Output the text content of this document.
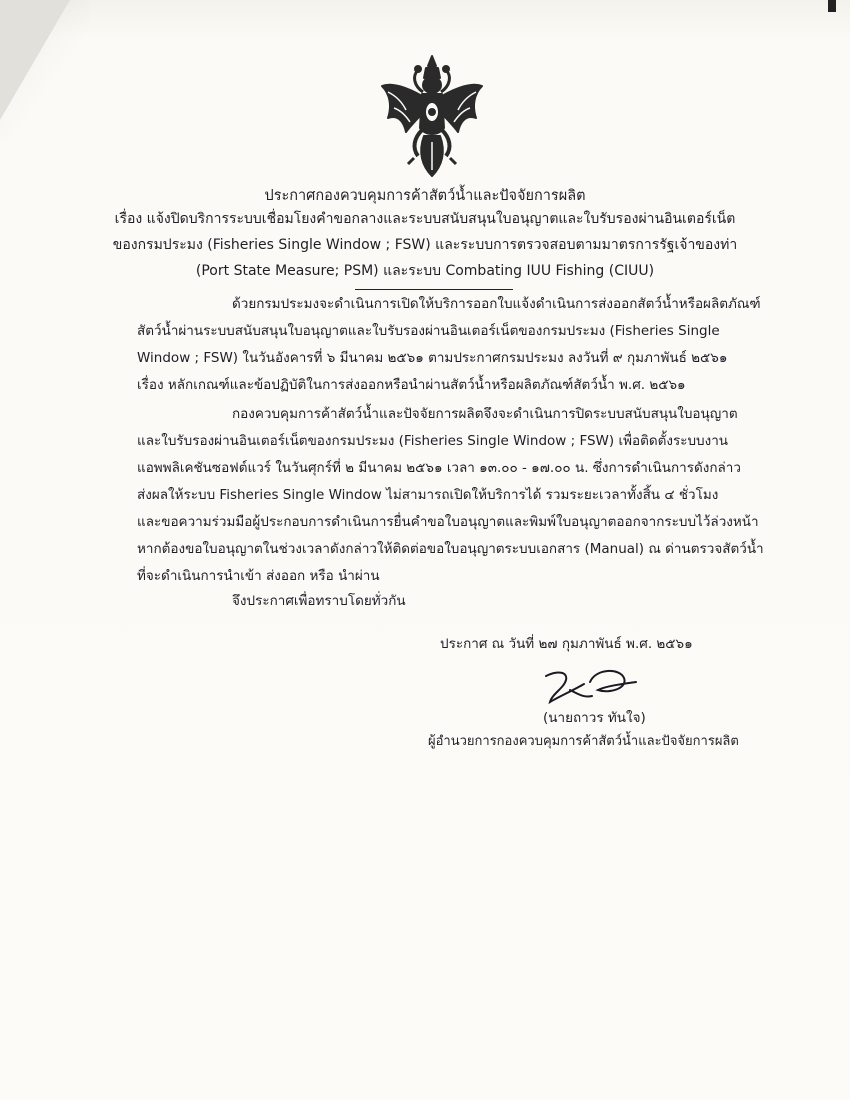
ประกาศกองควบคุมการค้าสัตว์น้ำและปัจจัยการผลิต
เรื่อง แจ้งปิดบริการระบบเชื่อมโยงคำขอกลางและระบบสนับสนุนใบอนุญาตและใบรับรองผ่านอินเตอร์เน็ต
ของกรมประมง (Fisheries Single Window ; FSW) และระบบการตรวจสอบตามมาตรการรัฐเจ้าของท่า
(Port State Measure; PSM) และระบบ Combating IUU Fishing (CIUU)
ด้วยกรมประมงจะดำเนินการเปิดให้บริการออกใบแจ้งดำเนินการส่งออกสัตว์น้ำหรือผลิตภัณฑ์
สัตว์น้ำผ่านระบบสนับสนุนใบอนุญาตและใบรับรองผ่านอินเตอร์เน็ตของกรมประมง (Fisheries Single
Window ; FSW) ในวันอังคารที่ ๖ มีนาคม ๒๕๖๑ ตามประกาศกรมประมง ลงวันที่ ๙ กุมภาพันธ์ ๒๕๖๑
เรื่อง หลักเกณฑ์และข้อปฏิบัติในการส่งออกหรือนำผ่านสัตว์น้ำหรือผลิตภัณฑ์สัตว์น้ำ พ.ศ. ๒๕๖๑
กองควบคุมการค้าสัตว์น้ำและปัจจัยการผลิตจึงจะดำเนินการปิดระบบสนับสนุนใบอนุญาต
และใบรับรองผ่านอินเตอร์เน็ตของกรมประมง (Fisheries Single Window ; FSW) เพื่อติดตั้งระบบงาน
แอพพลิเคชันซอฟต์แวร์ ในวันศุกร์ที่ ๒ มีนาคม ๒๕๖๑ เวลา ๑๓.๐๐ - ๑๗.๐๐ น. ซึ่งการดำเนินการดังกล่าว
ส่งผลให้ระบบ Fisheries Single Window ไม่สามารถเปิดให้บริการได้ รวมระยะเวลาทั้งสิ้น ๔ ชั่วโมง
และขอความร่วมมือผู้ประกอบการดำเนินการยื่นคำขอใบอนุญาตและพิมพ์ใบอนุญาตออกจากระบบไว้ล่วงหน้า
หากต้องขอใบอนุญาตในช่วงเวลาดังกล่าวให้ติดต่อขอใบอนุญาตระบบเอกสาร (Manual) ณ ด่านตรวจสัตว์น้ำ
ที่จะดำเนินการนำเข้า ส่งออก หรือ นำผ่าน
จึงประกาศเพื่อทราบโดยทั่วกัน
ประกาศ ณ วันที่ ๒๗ กุมภาพันธ์ พ.ศ. ๒๕๖๑
(นายถาวร ทันใจ)
ผู้อำนวยการกองควบคุมการค้าสัตว์น้ำและปัจจัยการผลิต
